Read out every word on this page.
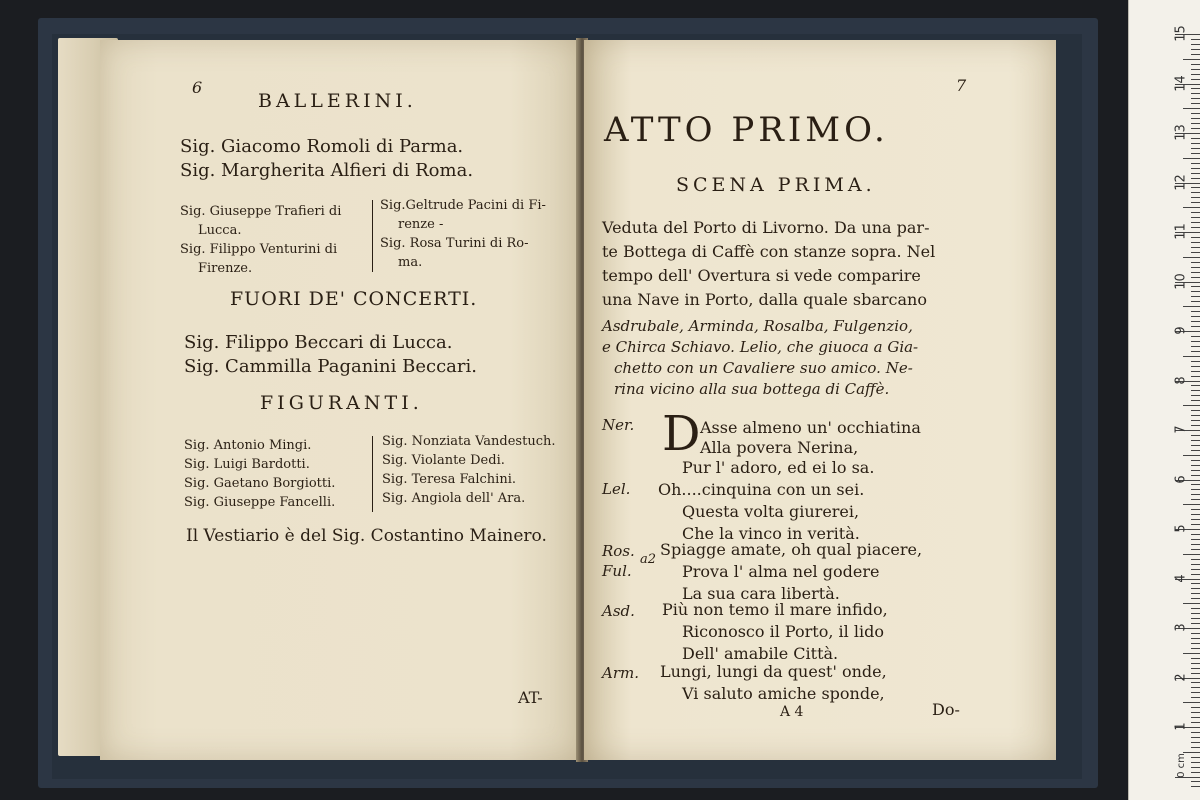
6
BALLERINI.
Sig. Giacomo Romoli di Parma.
Sig. Margherita Alfieri di Roma.
Sig. Giuseppe Trafieri di
Lucca.
Sig. Filippo Venturini di
Firenze.
Sig.Geltrude Pacini di Fi-
renze -
Sig. Rosa Turini di Ro-
ma.
FUORI DE' CONCERTI.
Sig. Filippo Beccari di Lucca.
Sig. Cammilla Paganini Beccari.
FIGURANTI.
Sig. Antonio Mingi.
Sig. Luigi Bardotti.
Sig. Gaetano Borgiotti.
Sig. Giuseppe Fancelli.
Sig. Nonziata Vandestuch.
Sig. Violante Dedi.
Sig. Teresa Falchini.
Sig. Angiola dell' Ara.
Il Vestiario è del Sig. Costantino Mainero.
AT-
7
ATTO PRIMO.
SCENA PRIMA.
Veduta del Porto di Livorno. Da una par-
te Bottega di Caffè con stanze sopra. Nel
tempo dell' Overtura si vede comparire
una Nave in Porto, dalla quale sbarcano
Asdrubale, Arminda, Rosalba, Fulgenzio,
e Chirca Schiavo. Lelio, che giuoca a Gia-
chetto con un Cavaliere suo amico. Ne-
rina vicino alla sua bottega di Caffè.
Ner. D Asse almeno un' occhiatina
Alla povera Nerina,
Pur l' adoro, ed ei lo sa.
Lel. Oh....cinquina con un sei.
Questa volta giurerei,
Che la vinco in verità.
Ros.
Ful.
a2
Spiagge amate, oh qual piacere,
Prova l' alma nel godere
La sua cara libertà.
Asd. Più non temo il mare infido,
Riconosco il Porto, il lido
Dell' amabile Città.
Arm. Lungi, lungi da quest' onde,
Vi saluto amiche sponde,
A 4	Do-
15
14
13
12
11
10
9
8
7
6
5
4
3
2
1
0 cm
